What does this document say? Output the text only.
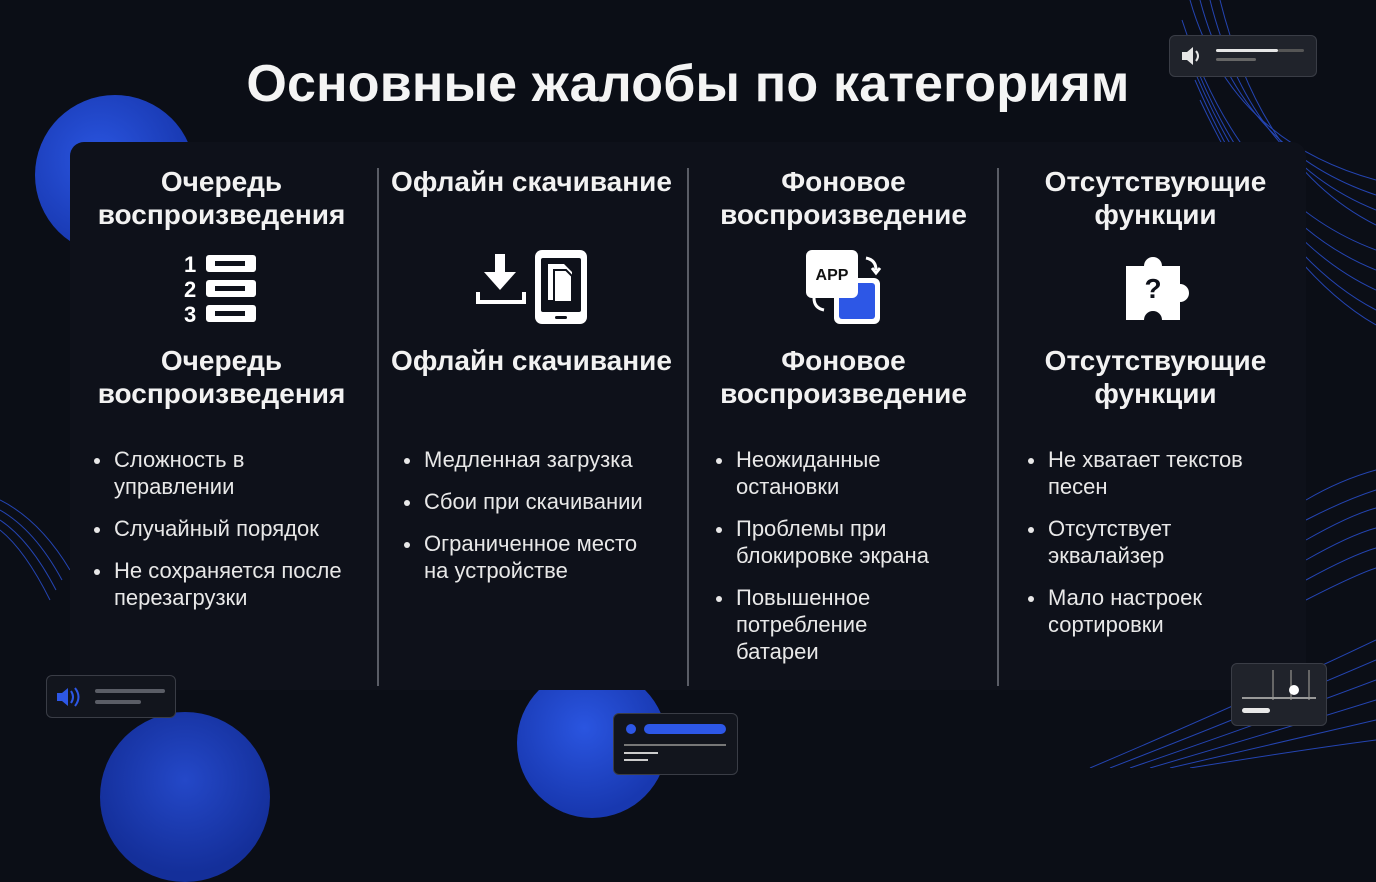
Основные жалобы по категориям
Очередь воспроизведения
1
2
3
Очередь воспроизведения
Сложность в управлении
Случайный порядок
Не сохраняется после перезагрузки
Офлайн скачивание
Офлайн скачивание
Медленная загрузка
Сбои при скачивании
Ограниченное место на устройстве
Фоновое воспроизведение
APP
Фоновое воспроизведение
Неожиданные остановки
Проблемы при блокировке экрана
Повышенное потребление батареи
Отсутствующие функции
?
Отсутствующие функции
Не хватает текстов песен
Отсутствует эквалайзер
Мало настроек сортировки
